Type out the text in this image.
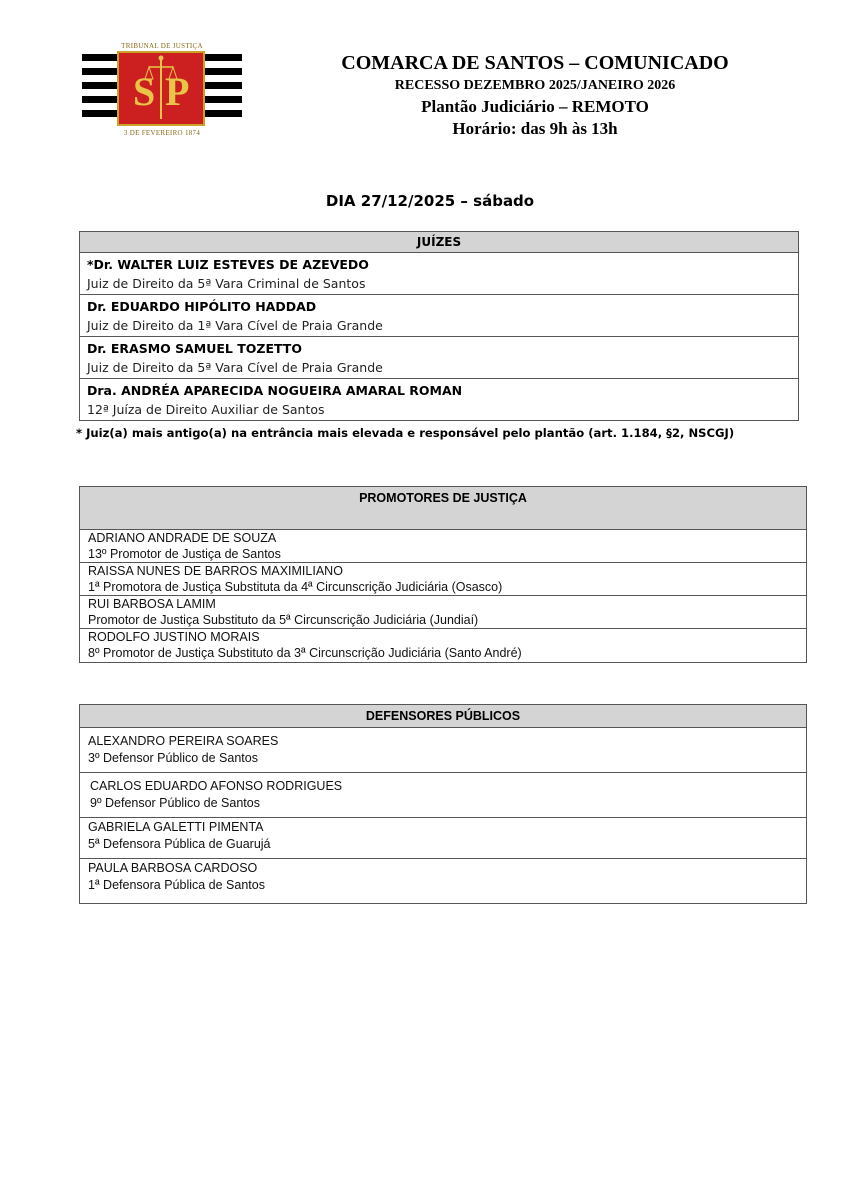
TRIBUNAL DE JUSTIÇA
S P
3 DE FEVEREIRO 1874
COMARCA DE SANTOS – COMUNICADO
RECESSO DEZEMBRO 2025/JANEIRO 2026
Plantão Judiciário – REMOTO
Horário: das 9h às 13h
DIA 27/12/2025 – sábado
JUÍZES
*Dr. WALTER LUIZ ESTEVES DE AZEVEDO
Juiz de Direito da 5ª Vara Criminal de Santos
Dr. EDUARDO HIPÓLITO HADDAD
Juiz de Direito da 1ª Vara Cível de Praia Grande
Dr. ERASMO SAMUEL TOZETTO
Juiz de Direito da 5ª Vara Cível de Praia Grande
Dra. ANDRÉA APARECIDA NOGUEIRA AMARAL ROMAN
12ª Juíza de Direito Auxiliar de Santos
* Juiz(a) mais antigo(a) na entrância mais elevada e responsável pelo plantão (art. 1.184, §2, NSCGJ)
PROMOTORES DE JUSTIÇA
ADRIANO ANDRADE DE SOUZA
13º Promotor de Justiça de Santos
RAISSA NUNES DE BARROS MAXIMILIANO
1ª Promotora de Justiça Substituta da 4ª Circunscrição Judiciária (Osasco)
RUI BARBOSA LAMIM
Promotor de Justiça Substituto da 5ª Circunscrição Judiciária (Jundiaí)
RODOLFO JUSTINO MORAIS
8º Promotor de Justiça Substituto da 3ª Circunscrição Judiciária (Santo André)
DEFENSORES PÚBLICOS
ALEXANDRO PEREIRA SOARES
3º Defensor Público de Santos
CARLOS EDUARDO AFONSO RODRIGUES
9º Defensor Público de Santos
GABRIELA GALETTI PIMENTA
5ª Defensora Pública de Guarujá
PAULA BARBOSA CARDOSO
1ª Defensora Pública de Santos
